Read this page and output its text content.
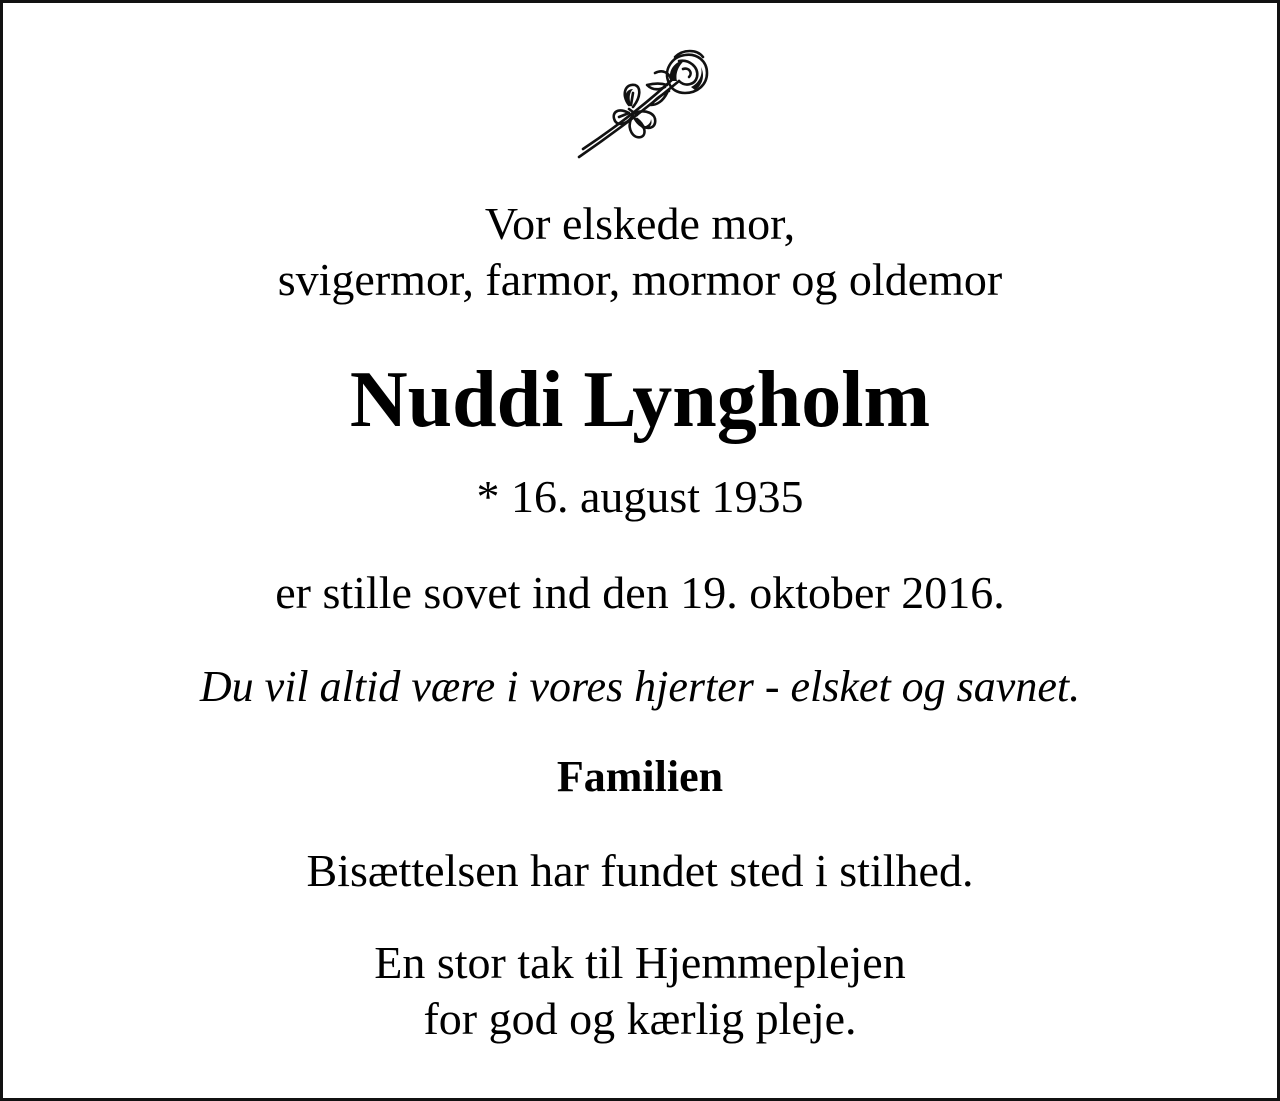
Vor elskede mor,
svigermor, farmor, mormor og oldemor
Nuddi Lyngholm
* 16. august 1935
er stille sovet ind den 19. oktober 2016.
Du vil altid være i vores hjerter - elsket og savnet.
Familien
Bisættelsen har fundet sted i stilhed.
En stor tak til Hjemmeplejen
for god og kærlig pleje.
